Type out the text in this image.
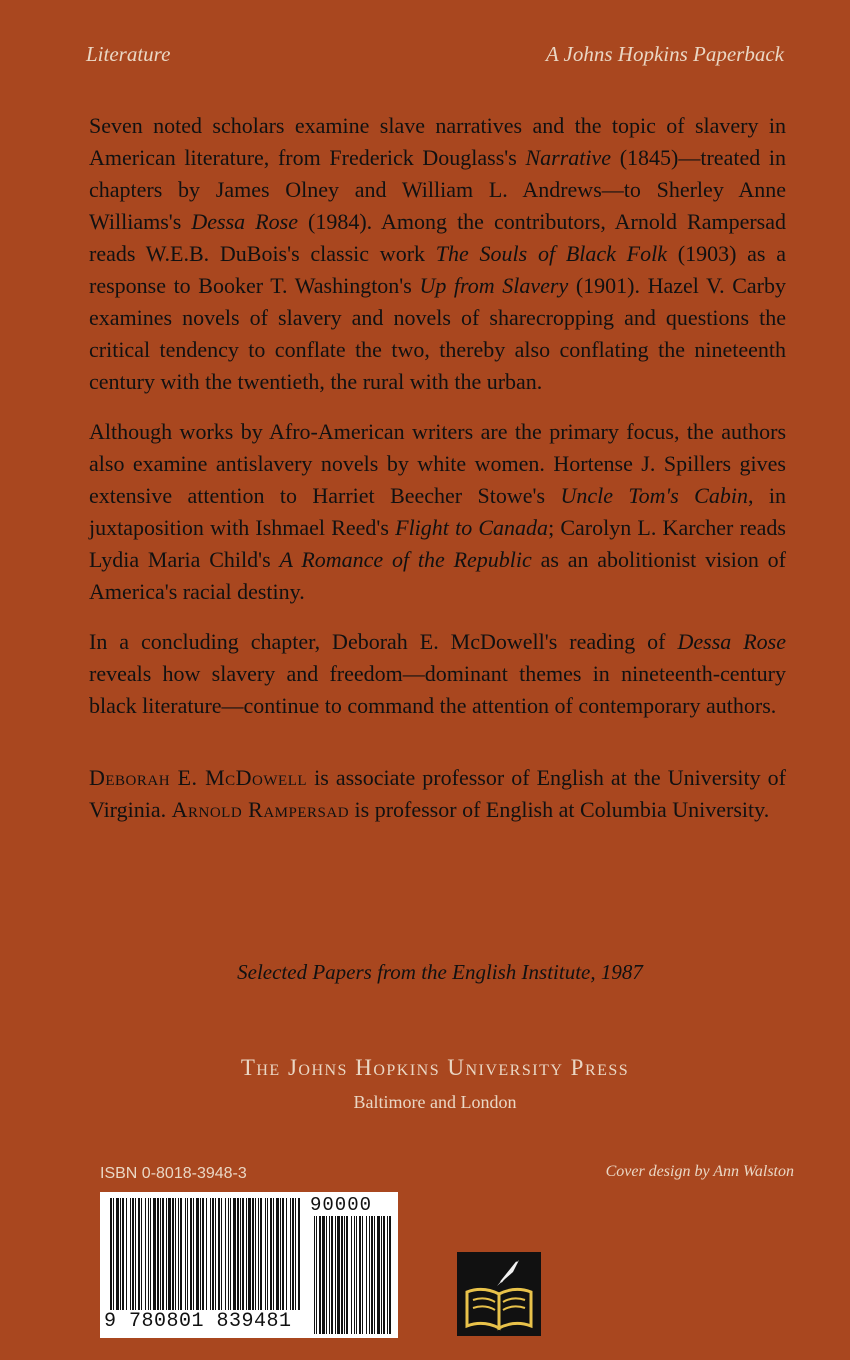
Literature	A Johns Hopkins Paperback

Seven noted scholars examine slave narratives and the topic of slavery in American literature, from Frederick Douglass's Narrative (1845)—treated in chapters by James Olney and William L. Andrews—to Sherley Anne Williams's Dessa Rose (1984). Among the contributors, Arnold Rampersad reads W.E.B. DuBois's classic work The Souls of Black Folk (1903) as a response to Booker T. Washington's Up from Slavery (1901). Hazel V. Carby examines novels of slavery and novels of sharecropping and questions the critical tendency to conflate the two, thereby also conflating the nineteenth century with the twentieth, the rural with the urban.

Although works by Afro-American writers are the primary focus, the authors also examine antislavery novels by white women. Hortense J. Spillers gives extensive attention to Harriet Beecher Stowe's Uncle Tom's Cabin, in juxtaposition with Ishmael Reed's Flight to Canada; Carolyn L. Karcher reads Lydia Maria Child's A Romance of the Republic as an abolitionist vision of America's racial destiny.

In a concluding chapter, Deborah E. McDowell's reading of Dessa Rose reveals how slavery and freedom—dominant themes in nineteenth-century black literature—continue to command the attention of contemporary authors.

Deborah E. McDowell is associate professor of English at the University of Virginia. Arnold Rampersad is professor of English at Columbia University.

Selected Papers from the English Institute, 1987
The Johns Hopkins University Press
Baltimore and London
ISBN 0-8018-3948-3	Cover design by Ann Walston
90000
9 780801 839481
